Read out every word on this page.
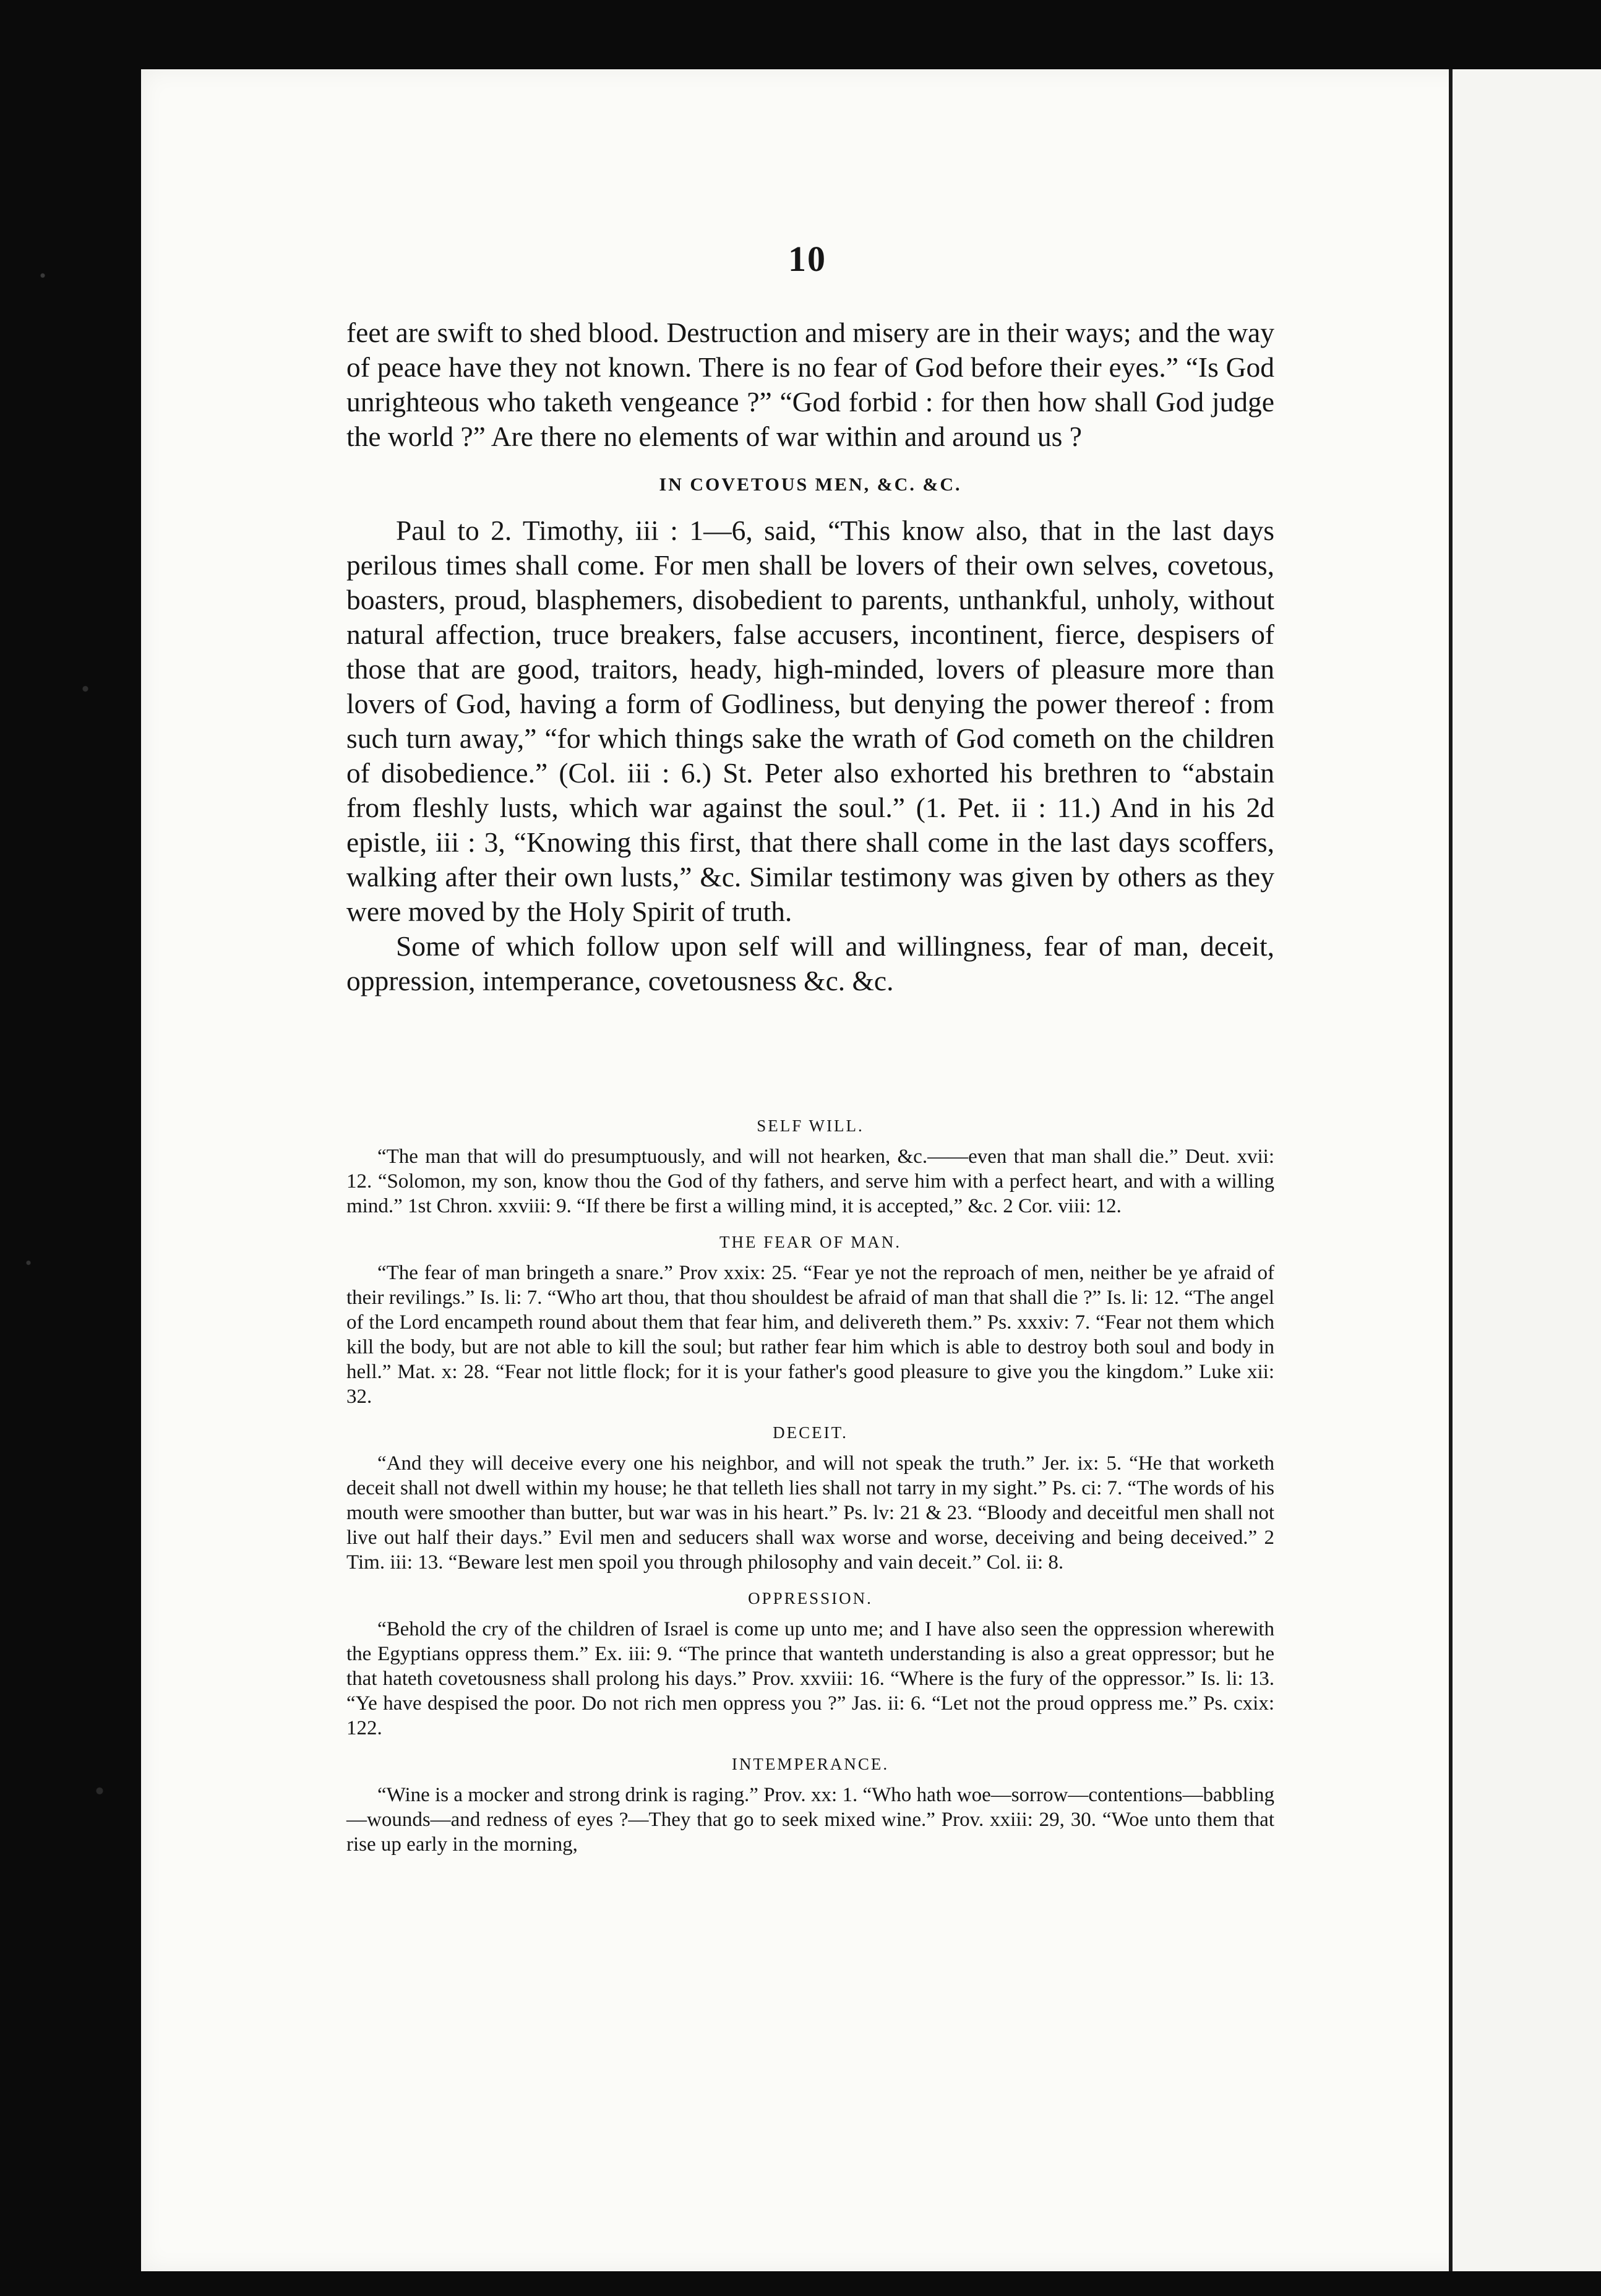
10

feet are swift to shed blood. Destruction and misery are in their ways; and the way of peace have they not known. There is no fear of God before their eyes.” “Is God unrighteous who taketh vengeance ?” “God forbid : for then how shall God judge the world ?” Are there no elements of war within and around us ?

IN COVETOUS MEN, &C. &C.

Paul to 2. Timothy, iii : 1—6, said, “This know also, that in the last days perilous times shall come. For men shall be lovers of their own selves, covetous, boasters, proud, blasphemers, disobedient to parents, unthankful, unholy, without natural affection, truce breakers, false accusers, incontinent, fierce, despisers of those that are good, traitors, heady, high-minded, lovers of pleasure more than lovers of God, having a form of Godliness, but denying the power thereof : from such turn away,” “for which things sake the wrath of God cometh on the children of disobedience.” (Col. iii : 6.) St. Peter also exhorted his brethren to “abstain from fleshly lusts, which war against the soul.” (1. Pet. ii : 11.) And in his 2d epistle, iii : 3, “Knowing this first, that there shall come in the last days scoffers, walking after their own lusts,” &c. Similar testimony was given by others as they were moved by the Holy Spirit of truth.

Some of which follow upon self will and willingness, fear of man, deceit, oppression, intemperance, covetousness &c. &c.

SELF WILL.

“The man that will do presumptuously, and will not hearken, &c.——even that man shall die.” Deut. xvii: 12. “Solomon, my son, know thou the God of thy fathers, and serve him with a perfect heart, and with a willing mind.” 1st Chron. xxviii: 9. “If there be first a willing mind, it is accepted,” &c. 2 Cor. viii: 12.

THE FEAR OF MAN.

“The fear of man bringeth a snare.” Prov xxix: 25. “Fear ye not the reproach of men, neither be ye afraid of their revilings.” Is. li: 7. “Who art thou, that thou shouldest be afraid of man that shall die ?” Is. li: 12. “The angel of the Lord encampeth round about them that fear him, and delivereth them.” Ps. xxxiv: 7. “Fear not them which kill the body, but are not able to kill the soul; but rather fear him which is able to destroy both soul and body in hell.” Mat. x: 28. “Fear not little flock; for it is your father's good pleasure to give you the kingdom.” Luke xii: 32.

DECEIT.

“And they will deceive every one his neighbor, and will not speak the truth.” Jer. ix: 5. “He that worketh deceit shall not dwell within my house; he that telleth lies shall not tarry in my sight.” Ps. ci: 7. “The words of his mouth were smoother than butter, but war was in his heart.” Ps. lv: 21 & 23. “Bloody and deceitful men shall not live out half their days.” Evil men and seducers shall wax worse and worse, deceiving and being deceived.” 2 Tim. iii: 13. “Beware lest men spoil you through philosophy and vain deceit.” Col. ii: 8.

OPPRESSION.

“Behold the cry of the children of Israel is come up unto me; and I have also seen the oppression wherewith the Egyptians oppress them.” Ex. iii: 9. “The prince that wanteth understanding is also a great oppressor; but he that hateth covetousness shall prolong his days.” Prov. xxviii: 16. “Where is the fury of the oppressor.” Is. li: 13. “Ye have despised the poor. Do not rich men oppress you ?” Jas. ii: 6. “Let not the proud oppress me.” Ps. cxix: 122.

INTEMPERANCE.

“Wine is a mocker and strong drink is raging.” Prov. xx: 1. “Who hath woe—sorrow—contentions—babbling—wounds—and redness of eyes ?—They that go to seek mixed wine.” Prov. xxiii: 29, 30. “Woe unto them that rise up early in the morning,
